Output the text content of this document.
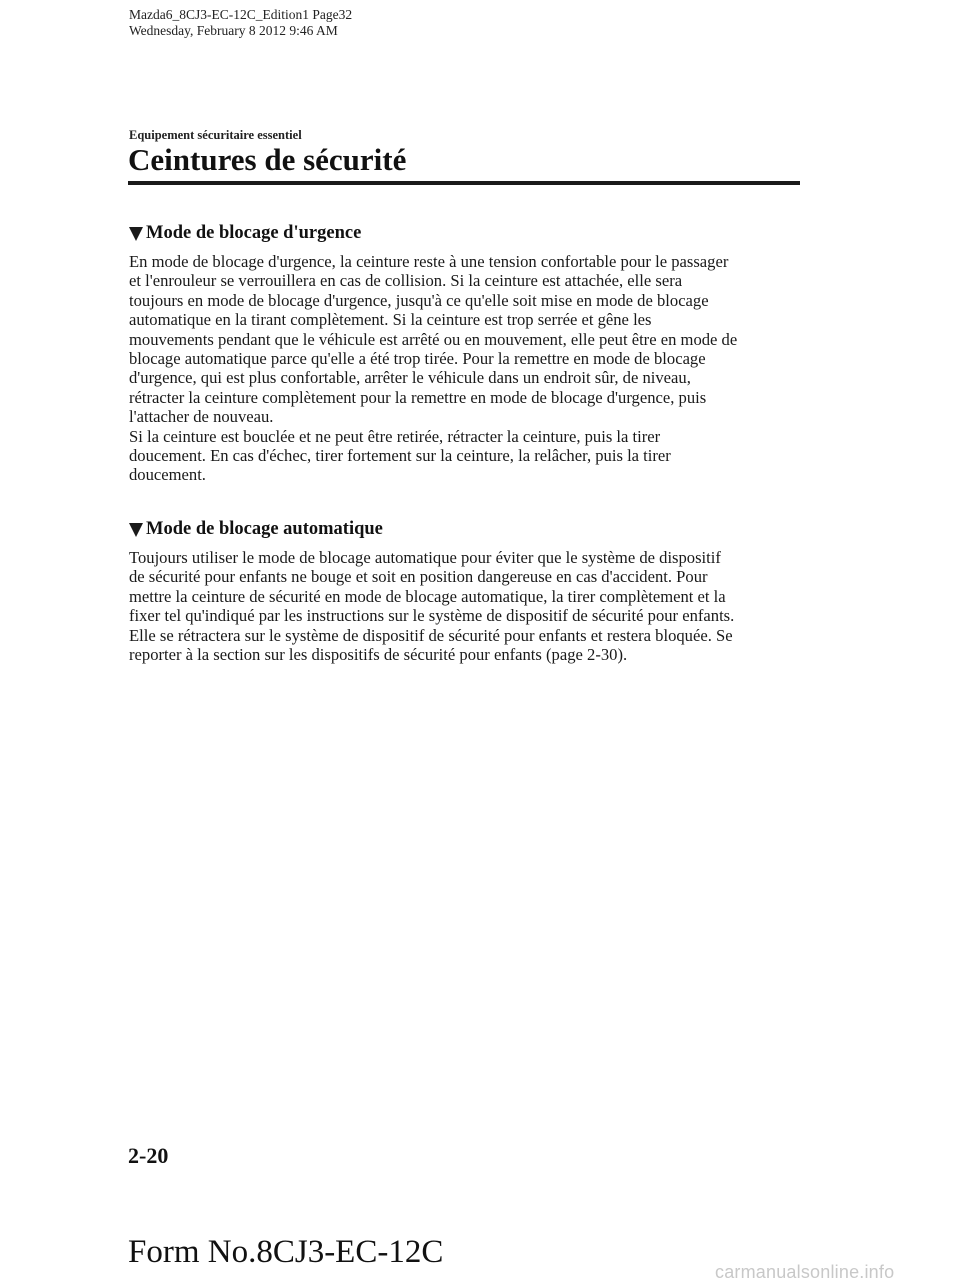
Mazda6_8CJ3-EC-12C_Edition1 Page32
Wednesday, February 8 2012 9:46 AM
Equipement sécuritaire essentiel
Ceintures de sécurité
Mode de blocage d'urgence

En mode de blocage d'urgence, la ceinture reste à une tension confortable pour le passager
et l'enrouleur se verrouillera en cas de collision. Si la ceinture est attachée, elle sera
toujours en mode de blocage d'urgence, jusqu'à ce qu'elle soit mise en mode de blocage
automatique en la tirant complètement. Si la ceinture est trop serrée et gêne les
mouvements pendant que le véhicule est arrêté ou en mouvement, elle peut être en mode de
blocage automatique parce qu'elle a été trop tirée. Pour la remettre en mode de blocage
d'urgence, qui est plus confortable, arrêter le véhicule dans un endroit sûr, de niveau,
rétracter la ceinture complètement pour la remettre en mode de blocage d'urgence, puis
l'attacher de nouveau.
Si la ceinture est bouclée et ne peut être retirée, rétracter la ceinture, puis la tirer
doucement. En cas d'échec, tirer fortement sur la ceinture, la relâcher, puis la tirer
doucement.

Mode de blocage automatique

Toujours utiliser le mode de blocage automatique pour éviter que le système de dispositif
de sécurité pour enfants ne bouge et soit en position dangereuse en cas d'accident. Pour
mettre la ceinture de sécurité en mode de blocage automatique, la tirer complètement et la
fixer tel qu'indiqué par les instructions sur le système de dispositif de sécurité pour enfants.
Elle se rétractera sur le système de dispositif de sécurité pour enfants et restera bloquée. Se
reporter à la section sur les dispositifs de sécurité pour enfants (page 2-30).

2-20
Form No.8CJ3-EC-12C
carmanualsonline.info
